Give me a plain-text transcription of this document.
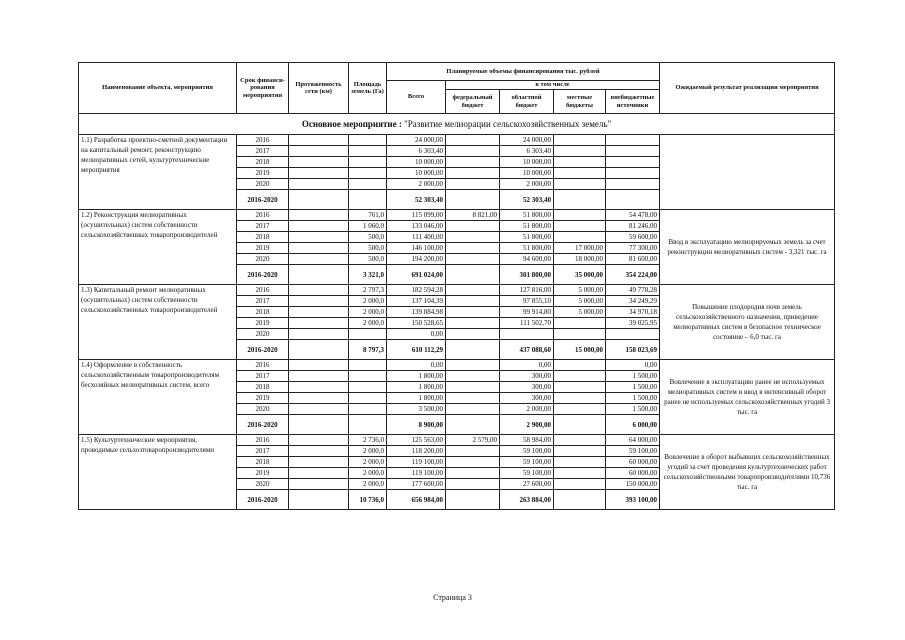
Наименование объекта, мероприятия	Срок финанси-рования мероприятия	Протяженность сети (км)	Площадь земель (Га)	Планируемые объемы финансирования тыс. рублей					Ожидаемый результат реализации мероприятия
				Всего	в том числе				
					федеральный бюджет	областной бюджет	местные бюджеты	внебюджетные источники	
Основное мероприятие : "Развитие мелиорации сельскохозяйственных земель"									
1.1) Разработка проектно-сметной документации на капитальный ремонт, реконструкцию мелиоративных сетей, культуртехнические мероприятия	2016			24 000,00		24 000,00			
	2017			6 303,40		6 303,40			
	2018			10 000,00		10 000,00			
	2019			10 000,00		10 000,00			
	2020			2 000,00		2 000,00			
	2016-2020			52 303,40		52 303,40			
1.2) Реконструкция мелиоративных (осушительных) систем собственности сельскохозяйственных товаропроизводителей	2016		761,0	115 099,00	8 821,00	51 800,00		54 478,00	Ввод в эксплуатацию мелиорируемых земель за счет реконструкции мелиоративных систем - 3,321 тыс. га
	2017		1 060,0	133 046,00		51 800,00		81 246,00	
	2018		500,0	111 400,00		51 800,00		59 600,00	
	2019		500,0	146 100,00		51 800,00	17 000,00	77 300,00	
	2020		500,0	194 200,00		94 600,00	18 000,00	81 600,00	
	2016-2020		3 321,0	691 024,00		301 800,00	35 000,00	354 224,00	
1.3) Капитальный ремонт мелиоративных (осушительных) систем собственности сельскохозяйственных товаропроизводителей	2016		2 797,3	182 594,28		127 816,00	5 000,00	49 778,28	Повышение плодородия почв земель сельскохозяйственного назначения, приведение мелиоративных систем в безопасное техническое состояние – 6,0 тыс. га
	2017		2 000,0	137 104,39		97 855,10	5 000,00	34 249,29	
	2018		2 000,0	139 884,98		99 914,80	5 000,00	34 970,18	
	2019		2 000,0	150 528,65		111 502,70		39 025,95	
	2020			0,00					
	2016-2020		8 797,3	610 112,29		437 088,60	15 000,00	158 023,69	
1.4) Оформление в собственность сельскохозяйственным товаропроизводителям бесхозяйных мелиоративных систем, всего	2016			0,00		0,00		0,00	Вовлечение в эксплуатацию ранее не используемых мелиоративных систем и ввод в интенсивный оборот ранее не используемых сельскохозяйственных угодий 3 тыс. га
	2017			1 800,00		300,00		1 500,00	
	2018			1 800,00		300,00		1 500,00	
	2019			1 800,00		300,00		1 500,00	
	2020			3 500,00		2 000,00		1 500,00	
	2016-2020			8 900,00		2 900,00		6 000,00	
1.5) Культуртехнические мероприятия, проводимые сельхозтоваропроизводителями	2016		2 736,0	125 563,00	2 579,00	58 984,00		64 000,00	Вовлечение в оборот выбывших сельскохозяйственных угодий за счет проведения культуртехнических работ сельскохозяйственными товаропроизводителями 10,736 тыс. га
	2017		2 000,0	118 200,00		59 100,00		59 100,00	
	2018		2 000,0	119 100,00		59 100,00		60 000,00	
	2019		2 000,0	119 100,00		59 100,00		60 000,00	
	2020		2 000,0	177 600,00		27 600,00		150 000,00	
	2016-2020		10 736,0	656 984,00		263 884,00		393 100,00	
Страница 3
